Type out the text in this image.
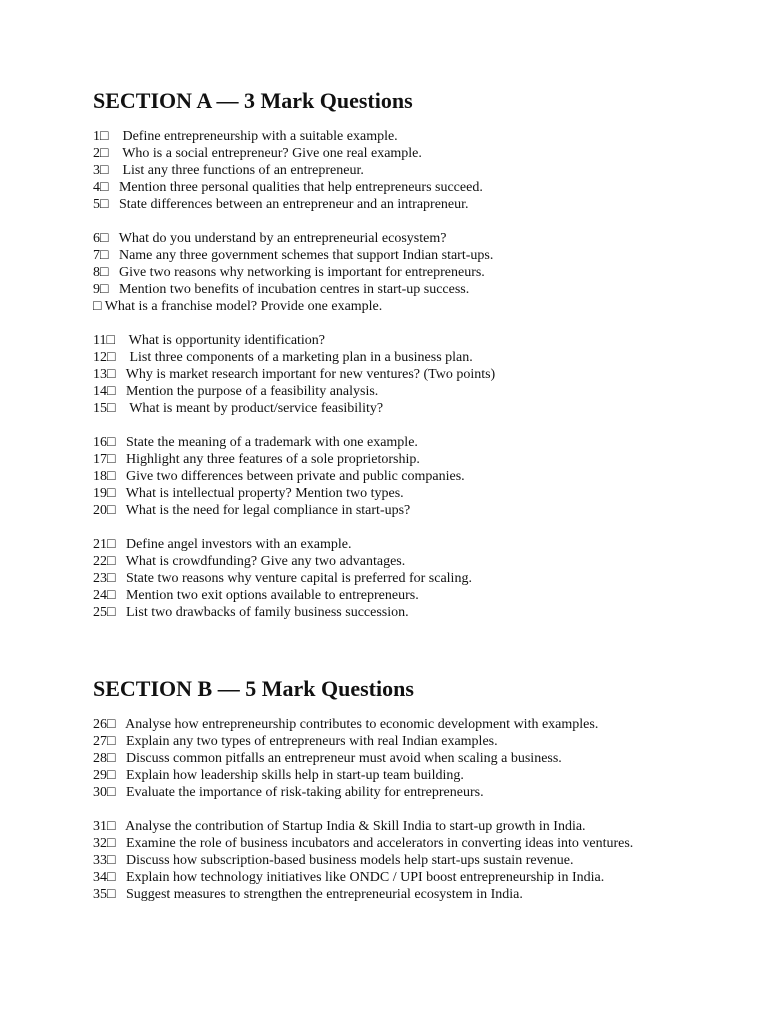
SECTION A — 3 Mark Questions
1□    Define entrepreneurship with a suitable example.
2□    Who is a social entrepreneur? Give one real example.
3□    List any three functions of an entrepreneur.
4□   Mention three personal qualities that help entrepreneurs succeed.
5□   State differences between an entrepreneur and an intrapreneur.
6□   What do you understand by an entrepreneurial ecosystem?
7□   Name any three government schemes that support Indian start-ups.
8□   Give two reasons why networking is important for entrepreneurs.
9□   Mention two benefits of incubation centres in start-up success.
□ What is a franchise model? Provide one example.
11□    What is opportunity identification?
12□    List three components of a marketing plan in a business plan.
13□   Why is market research important for new ventures? (Two points)
14□   Mention the purpose of a feasibility analysis.
15□    What is meant by product/service feasibility?
16□   State the meaning of a trademark with one example.
17□   Highlight any three features of a sole proprietorship.
18□   Give two differences between private and public companies.
19□   What is intellectual property? Mention two types.
20□   What is the need for legal compliance in start-ups?
21□   Define angel investors with an example.
22□   What is crowdfunding? Give any two advantages.
23□   State two reasons why venture capital is preferred for scaling.
24□   Mention two exit options available to entrepreneurs.
25□   List two drawbacks of family business succession.
SECTION B — 5 Mark Questions
26□   Analyse how entrepreneurship contributes to economic development with examples.
27□   Explain any two types of entrepreneurs with real Indian examples.
28□   Discuss common pitfalls an entrepreneur must avoid when scaling a business.
29□   Explain how leadership skills help in start-up team building.
30□   Evaluate the importance of risk-taking ability for entrepreneurs.
31□   Analyse the contribution of Startup India & Skill India to start-up growth in India.
32□   Examine the role of business incubators and accelerators in converting ideas into ventures.
33□   Discuss how subscription-based business models help start-ups sustain revenue.
34□   Explain how technology initiatives like ONDC / UPI boost entrepreneurship in India.
35□   Suggest measures to strengthen the entrepreneurial ecosystem in India.
